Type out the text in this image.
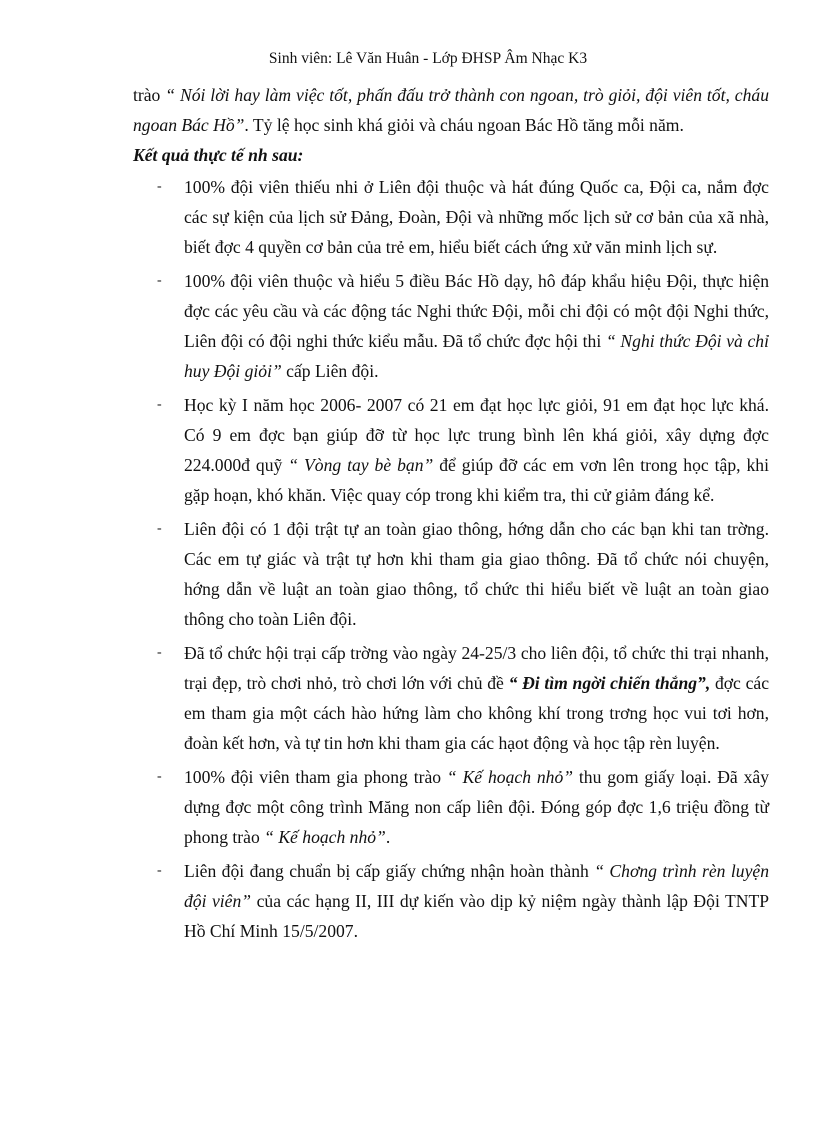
Sinh viên: Lê Văn Huân - Lớp ĐHSP Âm Nhạc K3

trào “ Nói lời hay làm việc tốt, phấn đấu trở thành con ngoan, trò giỏi, đội viên tốt, cháu ngoan Bác Hồ”. Tỷ lệ học sinh khá giỏi và cháu ngoan Bác Hồ tăng mỗi năm.

Kết quả thực tế nh sau:

- 100% đội viên thiếu nhi ở Liên đội thuộc và hát đúng Quốc ca, Đội ca, nắm đợc các sự kiện của lịch sử Đảng, Đoàn, Đội và những mốc lịch sử cơ bản của xã nhà, biết đợc 4 quyền cơ bản của trẻ em, hiểu biết cách ứng xử văn minh lịch sự.
- 100% đội viên thuộc và hiểu 5 điều Bác Hồ dạy, hô đáp khẩu hiệu Đội, thực hiện đợc các yêu cầu và các động tác Nghi thức Đội, mỗi chi đội có một đội Nghi thức, Liên đội có đội nghi thức kiểu mẫu. Đã tổ chức đợc hội thi “ Nghi thức Đội và chỉ huy Đội giỏi” cấp Liên đội.
- Học kỳ I năm học 2006- 2007 có 21 em đạt học lực giỏi, 91 em đạt học lực khá. Có 9 em đợc bạn giúp đỡ từ học lực trung bình lên khá giỏi, xây dựng đợc 224.000đ quỹ “ Vòng tay bè bạn” để giúp đỡ các em vơn lên trong học tập, khi gặp hoạn, khó khăn. Việc quay cóp trong khi kiểm tra, thi cử giảm đáng kể.
- Liên đội có 1 đội trật tự an toàn giao thông, hớng dẫn cho các bạn khi tan trờng. Các em tự giác và trật tự hơn khi tham gia giao thông. Đã tổ chức nói chuyện, hớng dẫn về luật an toàn giao thông, tổ chức thi hiểu biết về luật an toàn giao thông cho toàn Liên đội.
- Đã tổ chức hội trại cấp trờng vào ngày 24-25/3 cho liên đội, tổ chức thi trại nhanh, trại đẹp, trò chơi nhỏ, trò chơi lớn với chủ đề “ Đi tìm ngời chiến thắng”, đợc các em tham gia một cách hào hứng làm cho không khí trong trơng học vui tơi hơn, đoàn kết hơn, và tự tin hơn khi tham gia các hạot động và học tập rèn luyện.
- 100% đội viên tham gia phong trào “ Kế hoạch nhỏ” thu gom giấy loại. Đã xây dựng đợc một công trình Măng non cấp liên đội. Đóng góp đợc 1,6 triệu đồng từ phong trào “ Kế hoạch nhỏ”.
- Liên đội đang chuẩn bị cấp giấy chứng nhận hoàn thành “ Chơng trình rèn luyện đội viên” của các hạng II, III dự kiến vào dịp kỷ niệm ngày thành lập Đội TNTP Hồ Chí Minh 15/5/2007.
